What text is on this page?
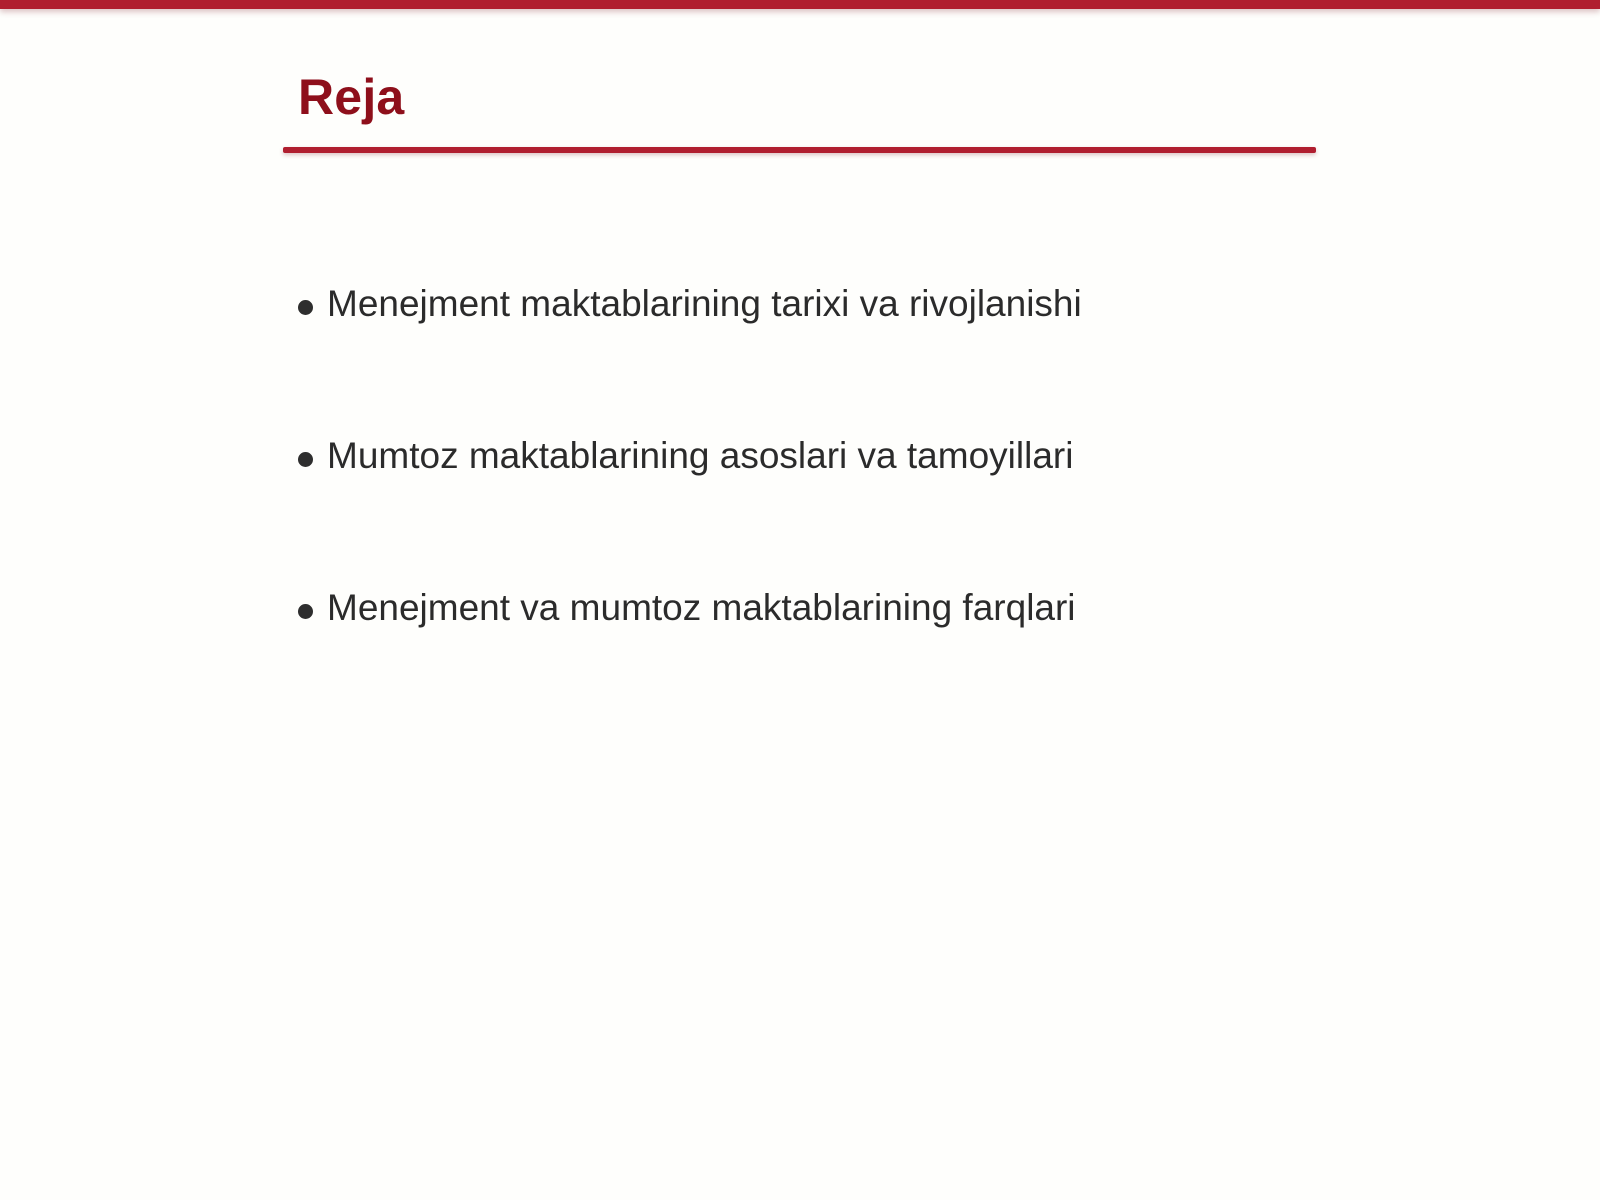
Reja
Menejment maktablarining tarixi va rivojlanishi
Mumtoz maktablarining asoslari va tamoyillari
Menejment va mumtoz maktablarining farqlari
